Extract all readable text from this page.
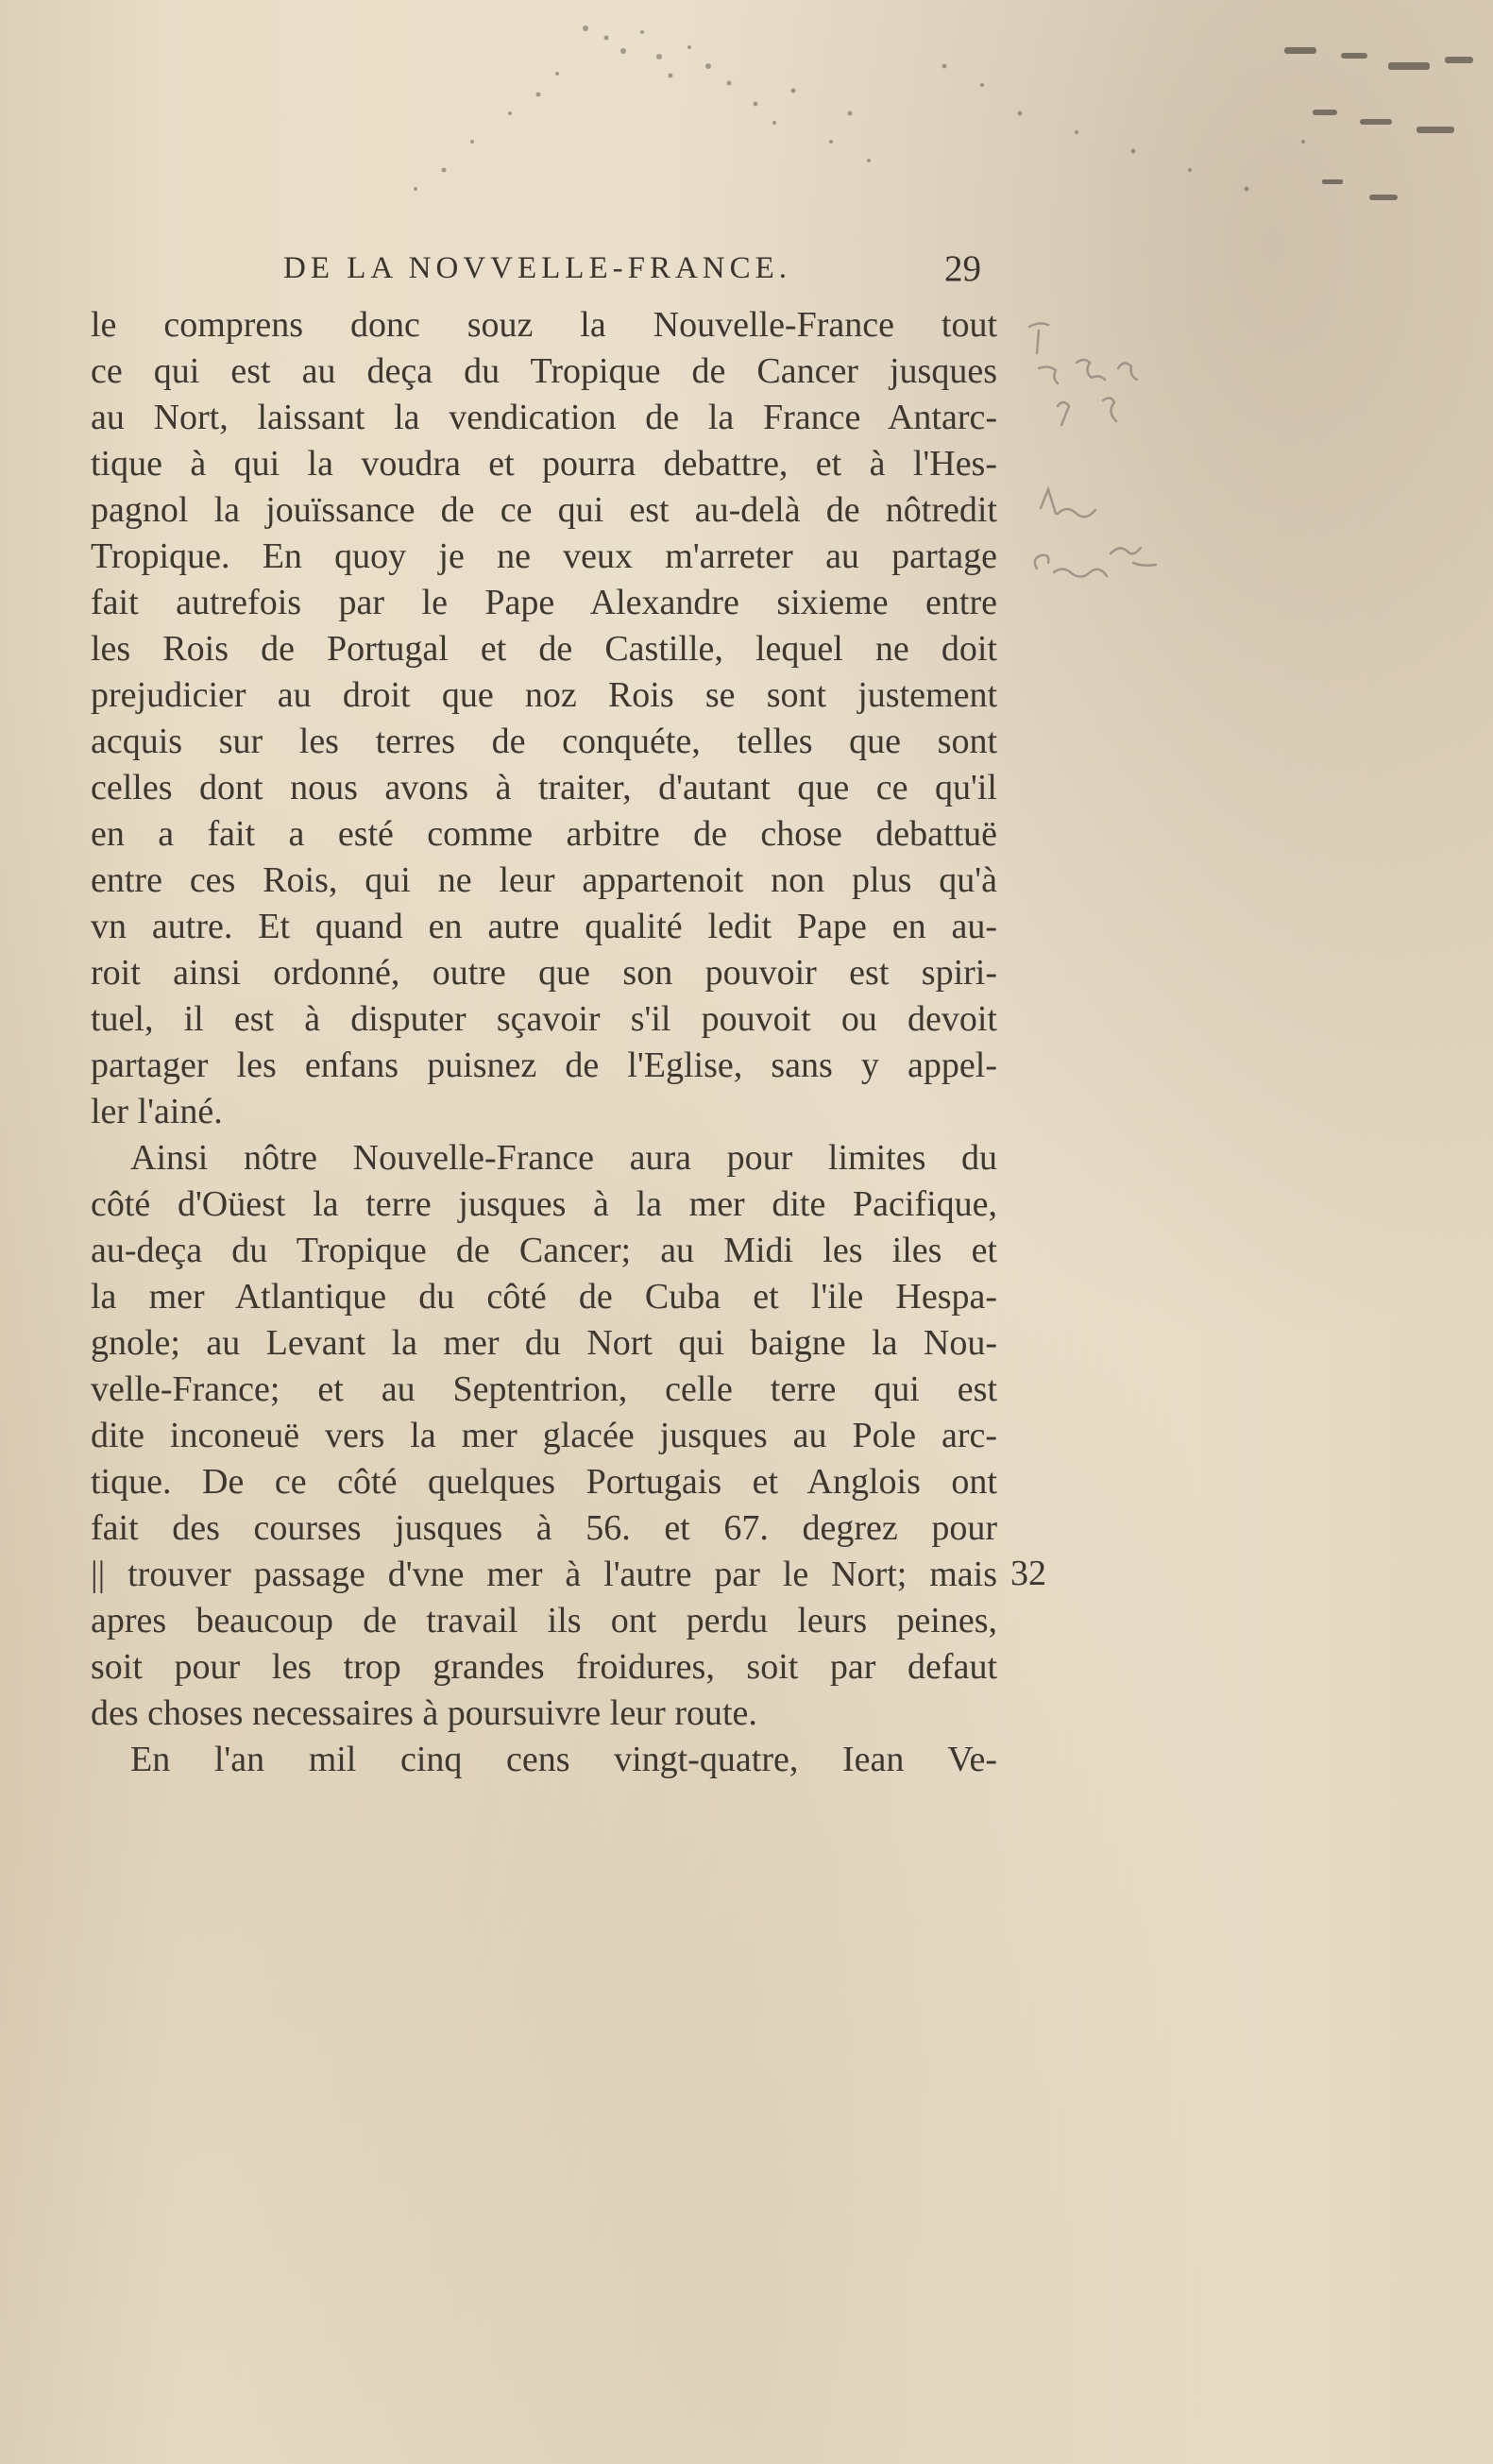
DE LA NOVVELLE-FRANCE.	29
le comprens donc souz la Nouvelle-France tout
ce qui est au deça du Tropique de Cancer jusques
au Nort, laissant la vendication de la France Antarc-
tique à qui la voudra et pourra debattre, et à l'Hes-
pagnol la jouïssance de ce qui est au-delà de nôtredit
Tropique. En quoy je ne veux m'arreter au partage
fait autrefois par le Pape Alexandre sixieme entre
les Rois de Portugal et de Castille, lequel ne doit
prejudicier au droit que noz Rois se sont justement
acquis sur les terres de conquéte, telles que sont
celles dont nous avons à traiter, d'autant que ce qu'il
en a fait a esté comme arbitre de chose debattuë
entre ces Rois, qui ne leur appartenoit non plus qu'à
vn autre. Et quand en autre qualité ledit Pape en au-
roit ainsi ordonné, outre que son pouvoir est spiri-
tuel, il est à disputer sçavoir s'il pouvoit ou devoit
partager les enfans puisnez de l'Eglise, sans y appel-
ler l'ainé.
Ainsi nôtre Nouvelle-France aura pour limites du
côté d'Oüest la terre jusques à la mer dite Pacifique,
au-deça du Tropique de Cancer; au Midi les iles et
la mer Atlantique du côté de Cuba et l'ile Hespa-
gnole; au Levant la mer du Nort qui baigne la Nou-
velle-France; et au Septentrion, celle terre qui est
dite inconeuë vers la mer glacée jusques au Pole arc-
tique. De ce côté quelques Portugais et Anglois ont
fait des courses jusques à 56. et 67. degrez pour
|| trouver passage d'vne mer à l'autre par le Nort; mais
apres beaucoup de travail ils ont perdu leurs peines,
soit pour les trop grandes froidures, soit par defaut
des choses necessaires à poursuivre leur route.
En l'an mil cinq cens vingt-quatre, Iean Ve-
32
